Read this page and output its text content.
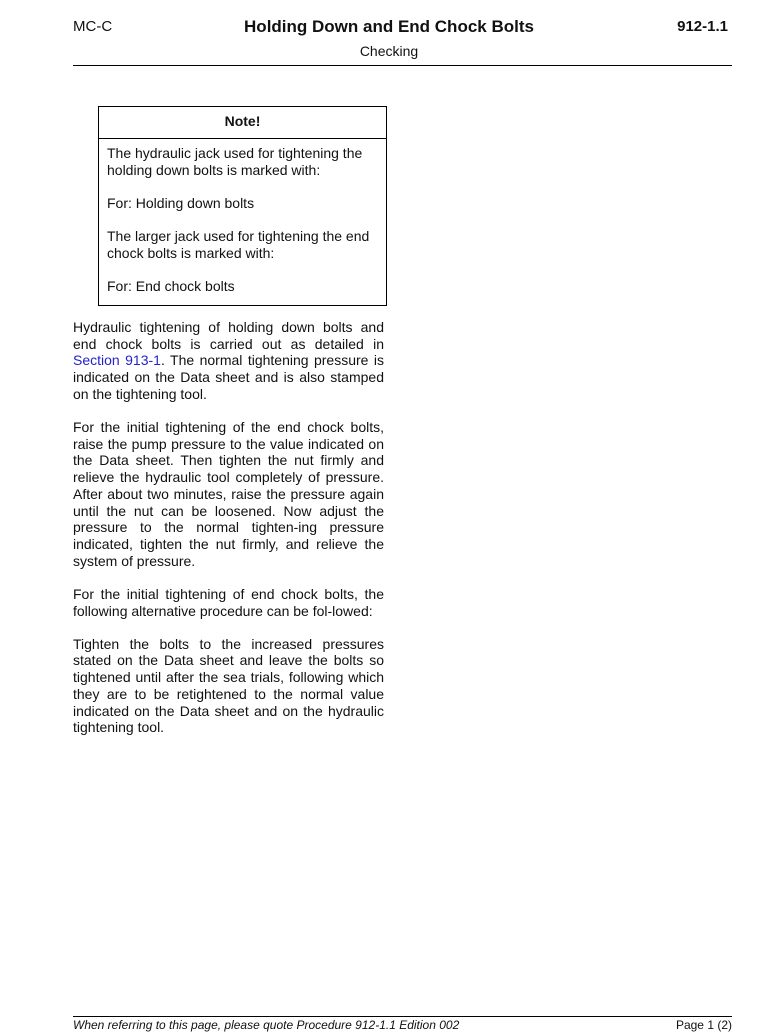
MC-C	Holding Down and End Chock Bolts
Checking
912-1.1
Note!

The hydraulic jack used for tightening the holding down bolts is marked with:

For: Holding down bolts

The larger jack used for tightening the end chock bolts is marked with:

For: End chock bolts

Hydraulic tightening of holding down bolts and end chock bolts is carried out as detailed in Section 913-1. The normal tightening pressure is indicated on the Data sheet and is also stamped on the tightening tool.

For the initial tightening of the end chock bolts, raise the pump pressure to the value indicated on the Data sheet. Then tighten the nut firmly and relieve the hydraulic tool completely of pressure. After about two minutes, raise the pressure again until the nut can be loosened. Now adjust the pressure to the normal tighten-ing pressure indicated, tighten the nut firmly, and relieve the system of pressure.

For the initial tightening of end chock bolts, the following alternative procedure can be fol-lowed:

Tighten the bolts to the increased pressures stated on the Data sheet and leave the bolts so tightened until after the sea trials, following which they are to be retightened to the normal value indicated on the Data sheet and on the hydraulic tightening tool.

When referring to this page, please quote Procedure 912-1.1 Edition 002	Page 1 (2)
